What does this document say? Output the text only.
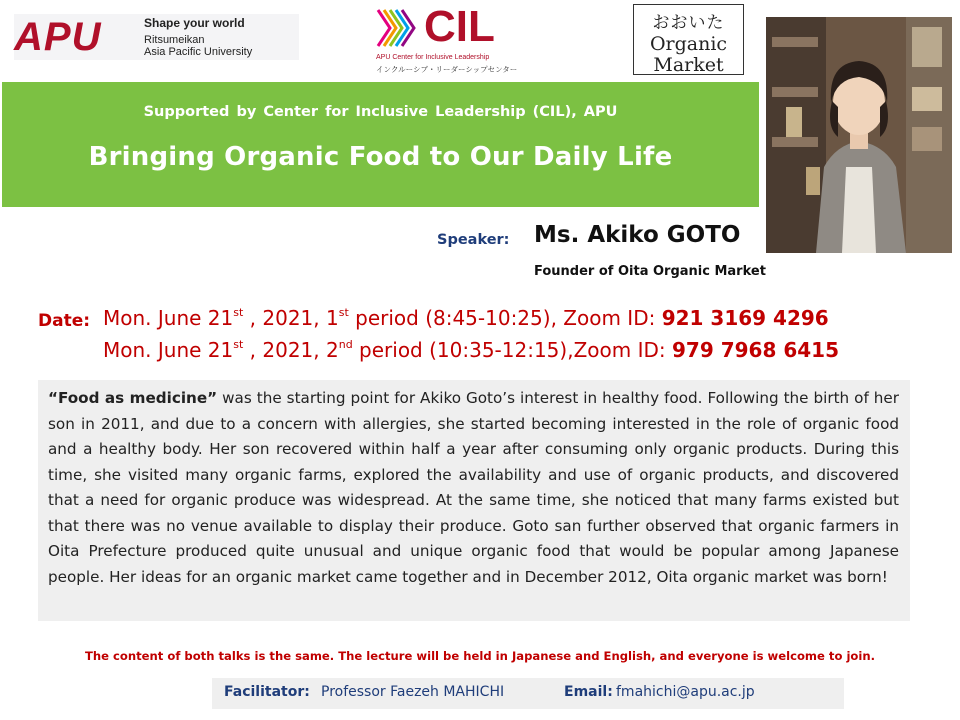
APU	Shape your world
Ritsumeikan
Asia Pacific University
CIL
APU Center for Inclusive Leadership
インクルーシブ・リーダーシップセンター
おおいた
Organic
Market
Supported by Center for Inclusive Leadership (CIL), APU
Bringing Organic Food to Our Daily Life
Speaker: Ms. Akiko GOTO
Founder of Oita Organic Market
Date: Mon. June 21st , 2021, 1st period (8:45-10:25), Zoom ID: 921 3169 4296
Mon. June 21st , 2021, 2nd period (10:35-12:15),Zoom ID: 979 7968 6415

“Food as medicine” was the starting point for Akiko Goto’s interest in healthy food. Following the birth of her son in 2011, and due to a concern with allergies, she started becoming interested in the role of organic food and a healthy body. Her son recovered within half a year after consuming only organic products. During this time, she visited many organic farms, explored the availability and use of organic products, and discovered that a need for organic produce was widespread. At the same time, she noticed that many farms existed but that there was no venue available to display their produce. Goto san further observed that organic farmers in Oita Prefecture produced quite unusual and unique organic food that would be popular among Japanese people. Her ideas for an organic market came together and in December 2012, Oita organic market was born!

The content of both talks is the same. The lecture will be held in Japanese and English, and everyone is welcome to join.
Facilitator: Professor Faezeh MAHICHI	Email: fmahichi@apu.ac.jp
